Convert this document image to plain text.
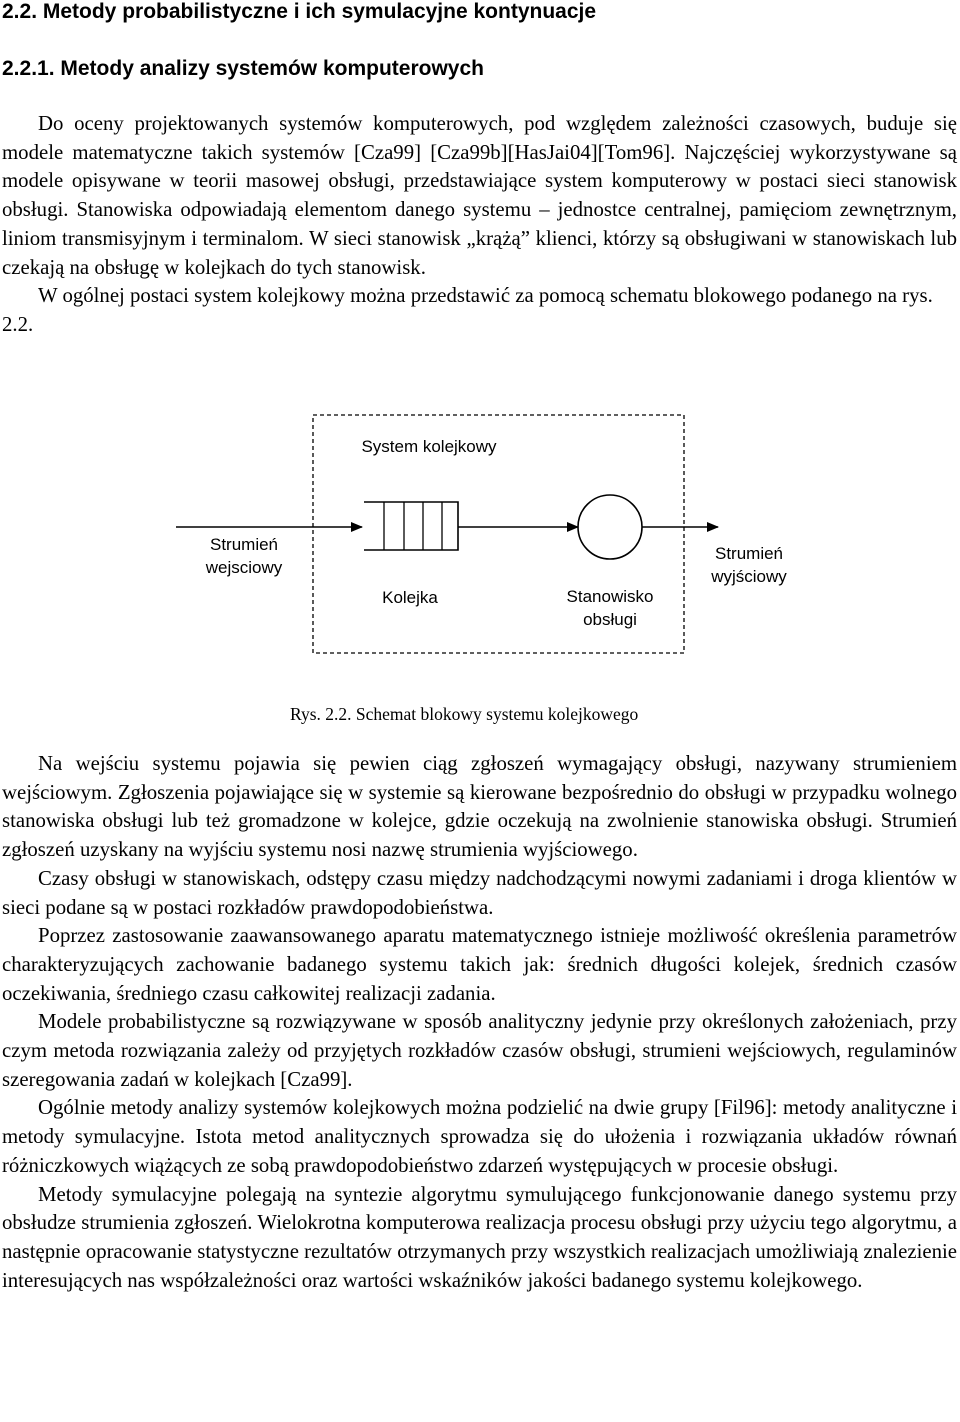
2.2. Metody probabilistyczne i ich symulacyjne kontynuacje
2.2.1. Metody analizy systemów komputerowych

Do oceny projektowanych systemów komputerowych, pod względem zależności czasowych, buduje się modele matematyczne takich systemów [Cza99] [Cza99b][HasJai04][Tom96]. Najczęściej wykorzystywane są modele opisywane w teorii masowej obsługi, przedstawiające system komputerowy w postaci sieci stanowisk obsługi. Stanowiska odpowiadają elementom danego systemu – jednostce centralnej, pamięciom zewnętrznym, liniom transmisyjnym i terminalom. W sieci stanowisk „krążą” klienci, którzy są obsługiwani w stanowiskach lub czekają na obsługę w kolejkach do tych stanowisk.

W ogólnej postaci system kolejkowy można przedstawić za pomocą schematu blokowego podanego na rys. 2.2.

System kolejkowy
Strumień wejsciowy
Kolejka	Stanowisko obsługi
Strumień wyjściowy
Rys. 2.2. Schemat blokowy systemu kolejkowego

Na wejściu systemu pojawia się pewien ciąg zgłoszeń wymagający obsługi, nazywany strumieniem wejściowym. Zgłoszenia pojawiające się w systemie są kierowane bezpośrednio do obsługi w przypadku wolnego stanowiska obsługi lub też gromadzone w kolejce, gdzie oczekują na zwolnienie stanowiska obsługi. Strumień zgłoszeń uzyskany na wyjściu systemu nosi nazwę strumienia wyjściowego.

Czasy obsługi w stanowiskach, odstępy czasu między nadchodzącymi nowymi zadaniami i droga klientów w sieci podane są w postaci rozkładów prawdopodobieństwa.

Poprzez zastosowanie zaawansowanego aparatu matematycznego istnieje możliwość określenia parametrów charakteryzujących zachowanie badanego systemu takich jak: średnich długości kolejek, średnich czasów oczekiwania, średniego czasu całkowitej realizacji zadania.

Modele probabilistyczne są rozwiązywane w sposób analityczny jedynie przy określonych założeniach, przy czym metoda rozwiązania zależy od przyjętych rozkładów czasów obsługi, strumieni wejściowych, regulaminów szeregowania zadań w kolejkach [Cza99].

Ogólnie metody analizy systemów kolejkowych można podzielić na dwie grupy [Fil96]: metody analityczne i metody symulacyjne. Istota metod analitycznych sprowadza się do ułożenia i rozwiązania układów równań różniczkowych wiążących ze sobą prawdopodobieństwo zdarzeń występujących w procesie obsługi.

Metody symulacyjne polegają na syntezie algorytmu symulującego funkcjonowanie danego systemu przy obsłudze strumienia zgłoszeń. Wielokrotna komputerowa realizacja procesu obsługi przy użyciu tego algorytmu, a następnie opracowanie statystyczne rezultatów otrzymanych przy wszystkich realizacjach umożliwiają znalezienie interesujących nas współzależności oraz wartości wskaźników jakości badanego systemu kolejkowego.
